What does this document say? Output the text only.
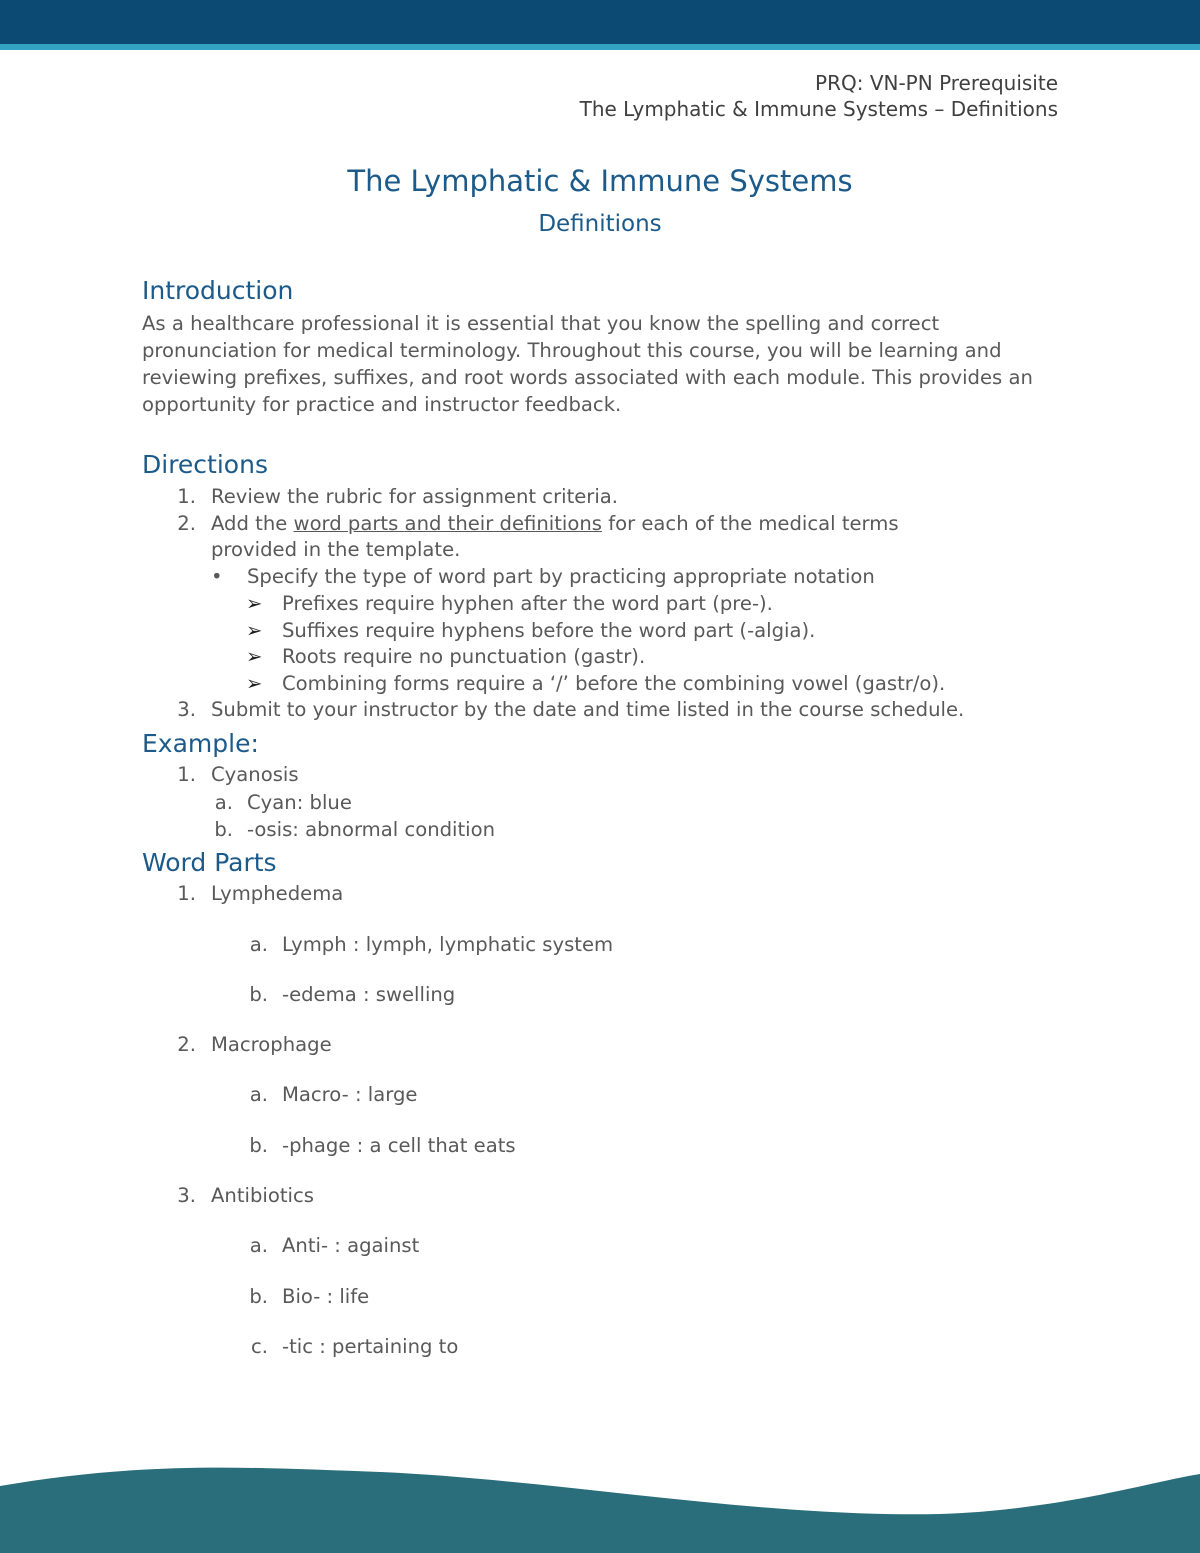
PRQ: VN-PN Prerequisite
The Lymphatic & Immune Systems – Definitions
The Lymphatic & Immune Systems
Definitions
Introduction
As a healthcare professional it is essential that you know the spelling and correct pronunciation for medical terminology. Throughout this course, you will be learning and reviewing prefixes, suffixes, and root words associated with each module. This provides an opportunity for practice and instructor feedback.
Directions
1. Review the rubric for assignment criteria.
2. Add the word parts and their definitions for each of the medical terms
provided in the template.
• Specify the type of word part by practicing appropriate notation
➢ Prefixes require hyphen after the word part (pre-).
➢ Suffixes require hyphens before the word part (-algia).
➢ Roots require no punctuation (gastr).
➢ Combining forms require a ‘/’ before the combining vowel (gastr/o).
3. Submit to your instructor by the date and time listed in the course schedule.
Example:
1. Cyanosis
a. Cyan: blue
b. -osis: abnormal condition
Word Parts
1. Lymphedema
a. Lymph : lymph, lymphatic system
b. -edema : swelling
2. Macrophage
a. Macro- : large
b. -phage : a cell that eats
3. Antibiotics
a. Anti- : against
b. Bio- : life
c. -tic : pertaining to
